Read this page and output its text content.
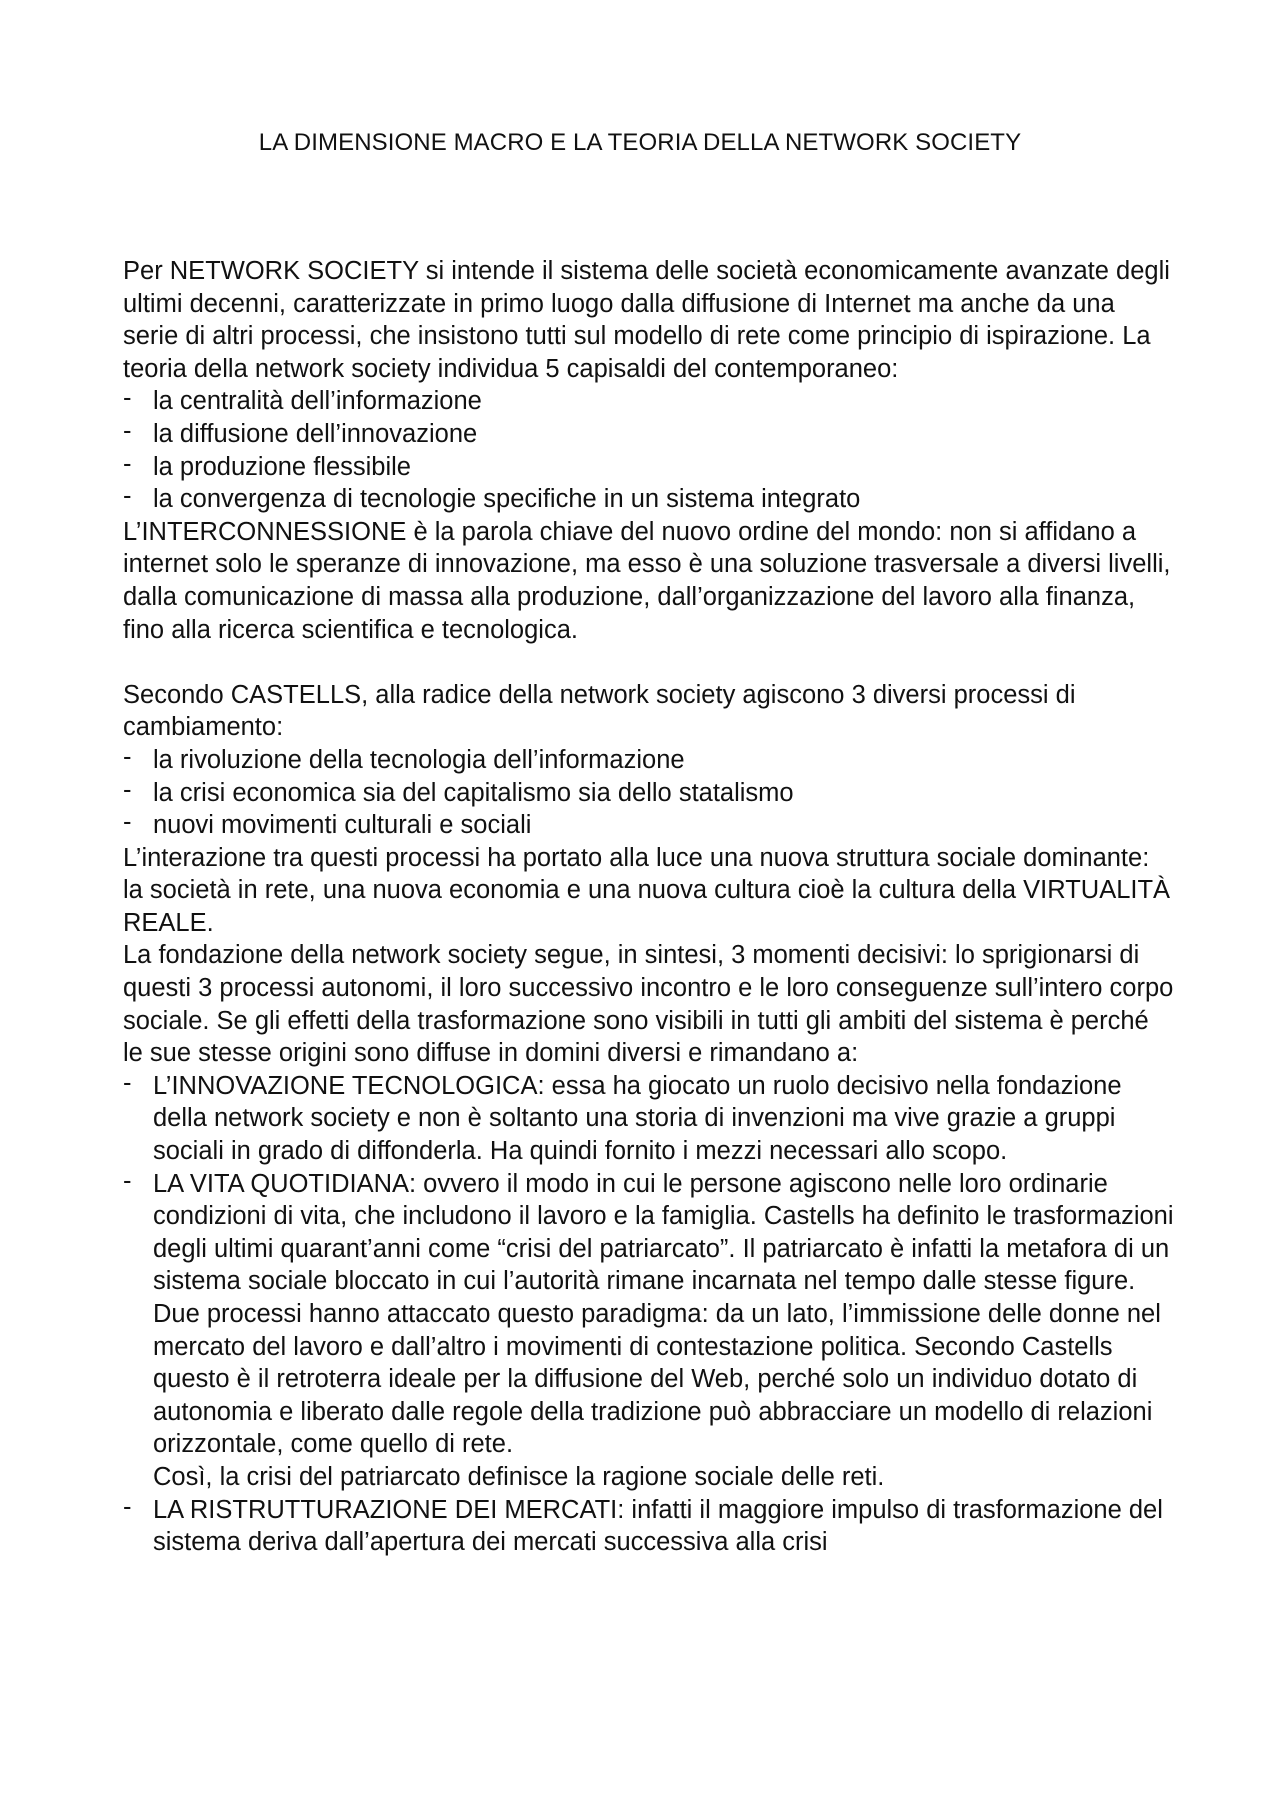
LA DIMENSIONE MACRO E LA TEORIA DELLA NETWORK SOCIETY

Per NETWORK SOCIETY si intende il sistema delle società economicamente avanzate degli ultimi decenni, caratterizzate in primo luogo dalla diffusione di Internet ma anche da una serie di altri processi, che insistono tutti sul modello di rete come principio di ispirazione. La teoria della network society individua 5 capisaldi del contemporaneo:

- la centralità dell’informazione
- la diffusione dell’innovazione
- la produzione flessibile
- la convergenza di tecnologie specifiche in un sistema integrato

L’INTERCONNESSIONE è la parola chiave del nuovo ordine del mondo: non si affidano a internet solo le speranze di innovazione, ma esso è una soluzione trasversale a diversi livelli, dalla comunicazione di massa alla produzione, dall’organizzazione del lavoro alla finanza, fino alla ricerca scientifica e tecnologica.

Secondo CASTELLS, alla radice della network society agiscono 3 diversi processi di cambiamento:

- la rivoluzione della tecnologia dell’informazione
- la crisi economica sia del capitalismo sia dello statalismo
- nuovi movimenti culturali e sociali

L’interazione tra questi processi ha portato alla luce una nuova struttura sociale dominante: la società in rete, una nuova economia e una nuova cultura cioè la cultura della VIRTUALITÀ REALE.

La fondazione della network society segue, in sintesi, 3 momenti decisivi: lo sprigionarsi di questi 3 processi autonomi, il loro successivo incontro e le loro conseguenze sull’intero corpo sociale. Se gli effetti della trasformazione sono visibili in tutti gli ambiti del sistema è perché le sue stesse origini sono diffuse in domini diversi e rimandano a:

- L’INNOVAZIONE TECNOLOGICA: essa ha giocato un ruolo decisivo nella fondazione della network society e non è soltanto una storia di invenzioni ma vive grazie a gruppi sociali in grado di diffonderla. Ha quindi fornito i mezzi necessari allo scopo.
- LA VITA QUOTIDIANA: ovvero il modo in cui le persone agiscono nelle loro ordinarie condizioni di vita, che includono il lavoro e la famiglia. Castells ha definito le trasformazioni degli ultimi quarant’anni come “crisi del patriarcato”. Il patriarcato è infatti la metafora di un sistema sociale bloccato in cui l’autorità rimane incarnata nel tempo dalle stesse figure. Due processi hanno attaccato questo paradigma: da un lato, l’immissione delle donne nel mercato del lavoro e dall’altro i movimenti di contestazione politica. Secondo Castells questo è il retroterra ideale per la diffusione del Web, perché solo un individuo dotato di autonomia e liberato dalle regole della tradizione può abbracciare un modello di relazioni orizzontale, come quello di rete.
Così, la crisi del patriarcato definisce la ragione sociale delle reti.
- LA RISTRUTTURAZIONE DEI MERCATI: infatti il maggiore impulso di trasformazione del sistema deriva dall’apertura dei mercati successiva alla crisi
